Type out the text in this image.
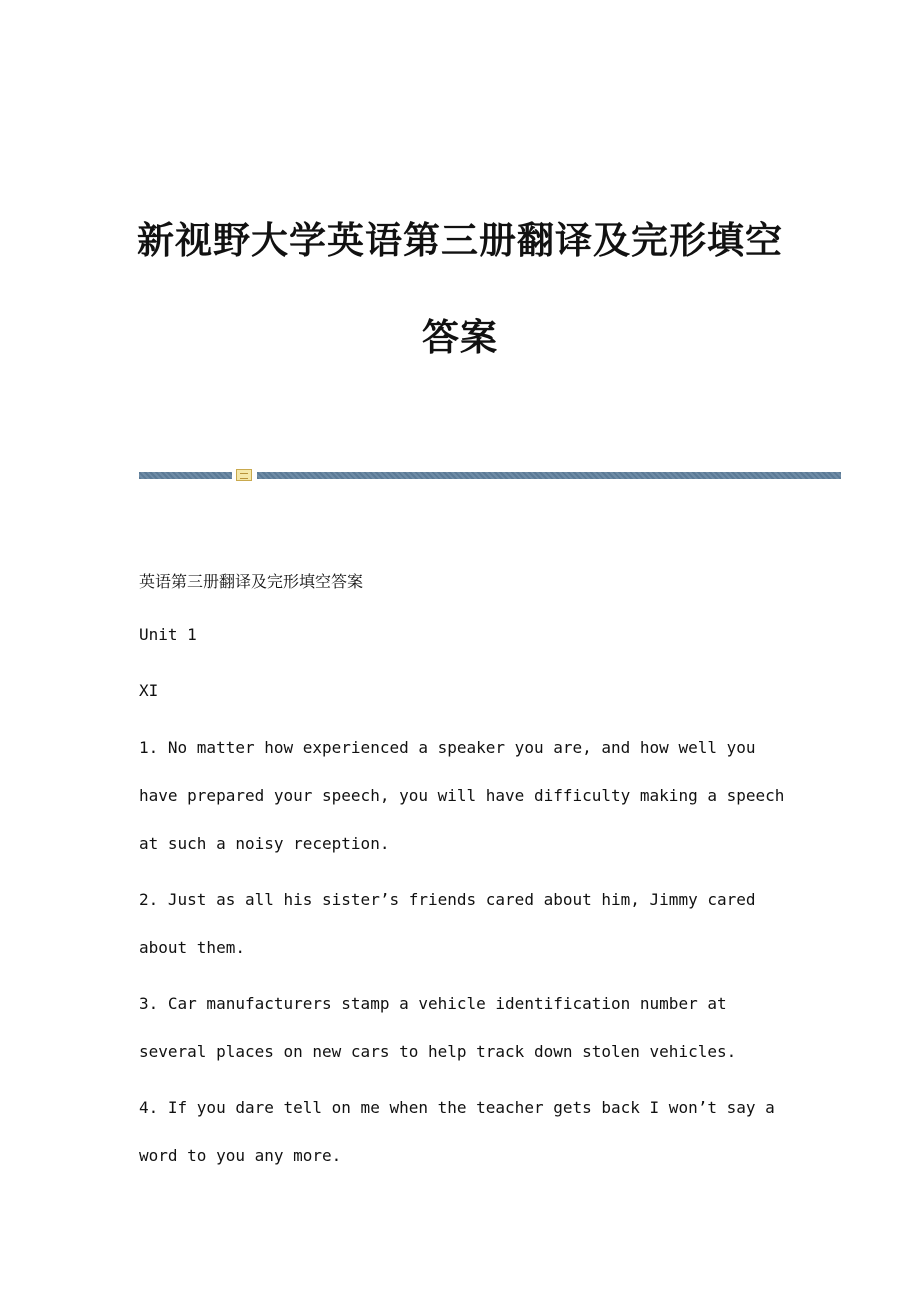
新视野大学英语第三册翻译及完形填空
答案

英语第三册翻译及完形填空答案

Unit 1

XI

1. No matter how experienced a speaker you are, and how well you have prepared your speech, you will have difficulty making a speech at such a noisy reception.

2. Just as all his sister’s friends cared about him, Jimmy cared about them.

3. Car manufacturers stamp a vehicle identification number at several places on new cars to help track down stolen vehicles.

4. If you dare tell on me when the teacher gets back I won’t say a word to you any more.
